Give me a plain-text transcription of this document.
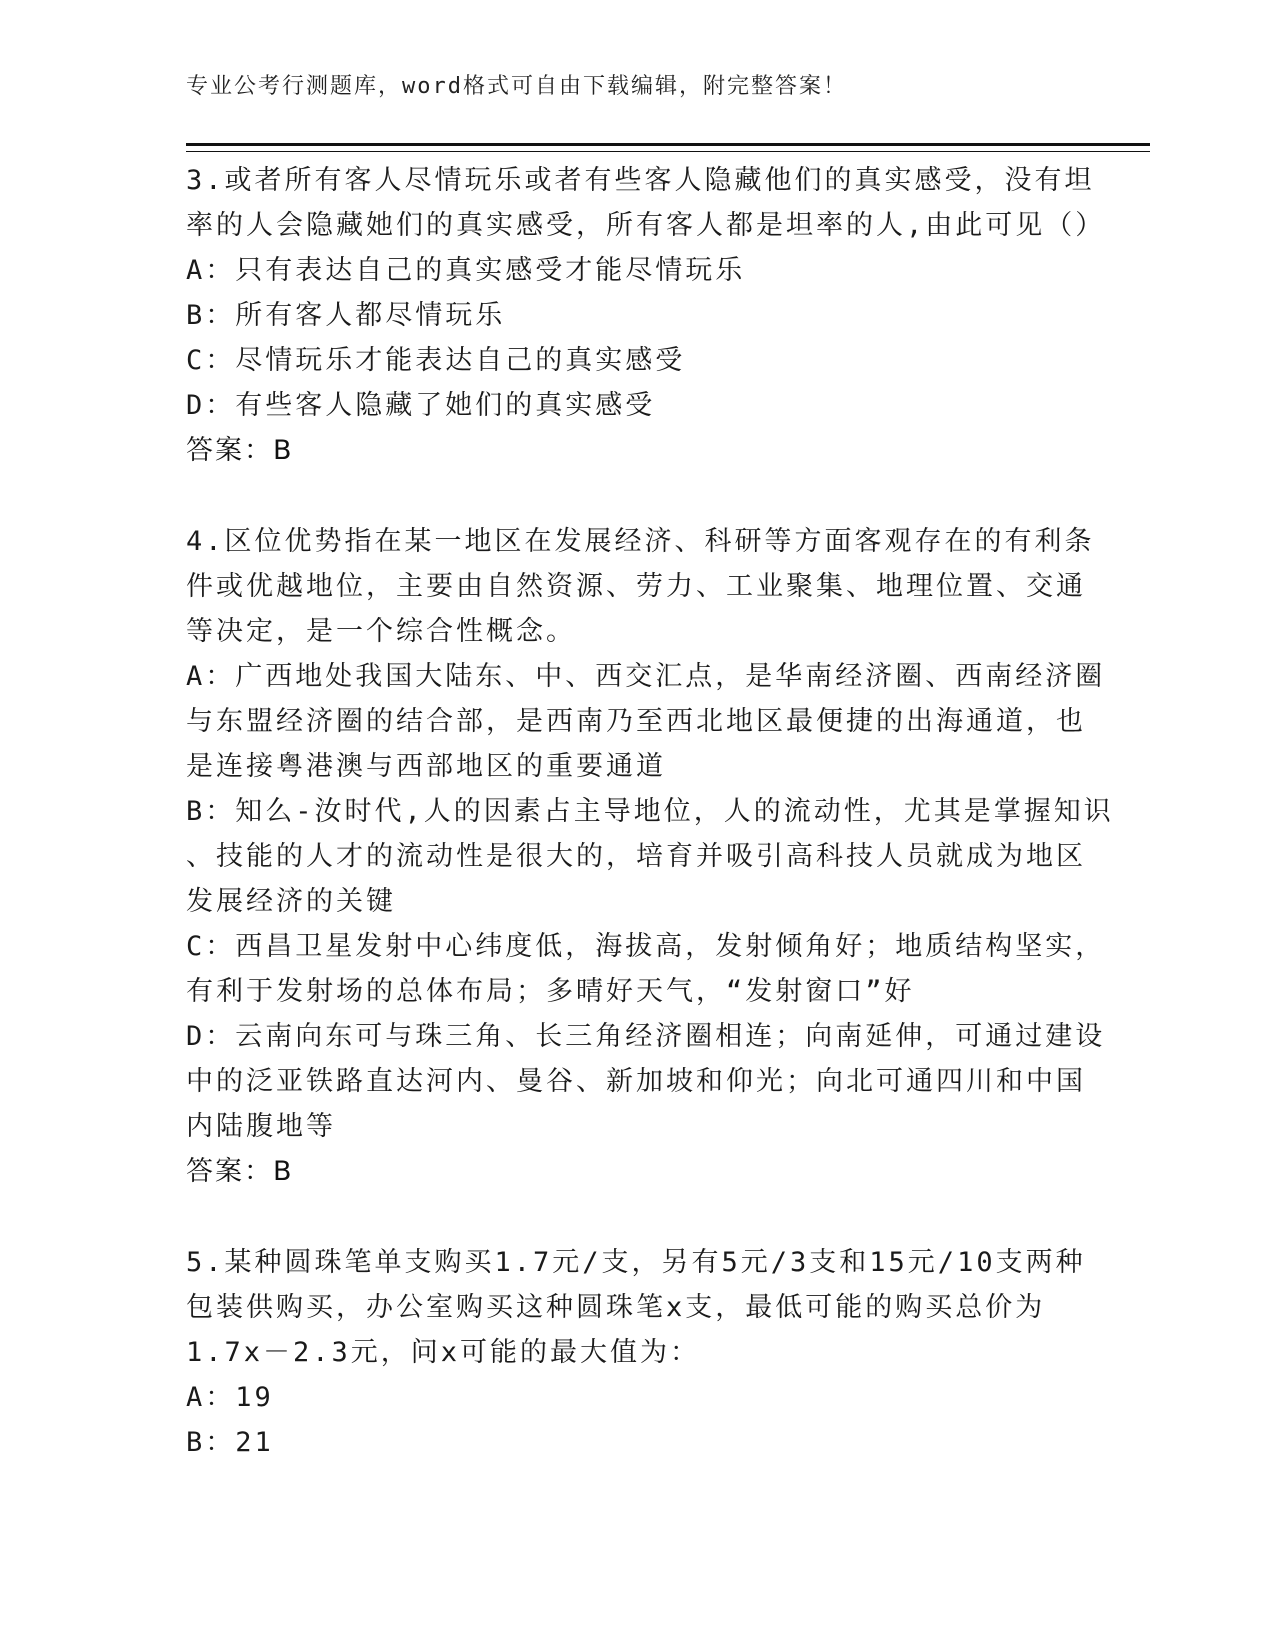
专业公考行测题库，word格式可自由下载编辑，附完整答案！
3.或者所有客人尽情玩乐或者有些客人隐藏他们的真实感受，没有坦
率的人会隐藏她们的真实感受，所有客人都是坦率的人,由此可见（）
A：只有表达自己的真实感受才能尽情玩乐
B：所有客人都尽情玩乐
C：尽情玩乐才能表达自己的真实感受
D：有些客人隐藏了她们的真实感受
答案：B
4.区位优势指在某一地区在发展经济、科研等方面客观存在的有利条
件或优越地位，主要由自然资源、劳力、工业聚集、地理位置、交通
等决定，是一个综合性概念。
A：广西地处我国大陆东、中、西交汇点，是华南经济圈、西南经济圈
与东盟经济圈的结合部，是西南乃至西北地区最便捷的出海通道，也
是连接粤港澳与西部地区的重要通道
B：知么-汝时代,人的因素占主导地位，人的流动性，尤其是掌握知识
、技能的人才的流动性是很大的，培育并吸引高科技人员就成为地区
发展经济的关键
C：西昌卫星发射中心纬度低，海拔高，发射倾角好；地质结构坚实，
有利于发射场的总体布局；多晴好天气，“发射窗口”好
D：云南向东可与珠三角、长三角经济圈相连；向南延伸，可通过建设
中的泛亚铁路直达河内、曼谷、新加坡和仰光；向北可通四川和中国
内陆腹地等
答案：B
5.某种圆珠笔单支购买1.7元/支，另有5元/3支和15元/10支两种
包装供购买，办公室购买这种圆珠笔x支，最低可能的购买总价为
1.7x－2.3元，问x可能的最大值为：
A：19
B：21
